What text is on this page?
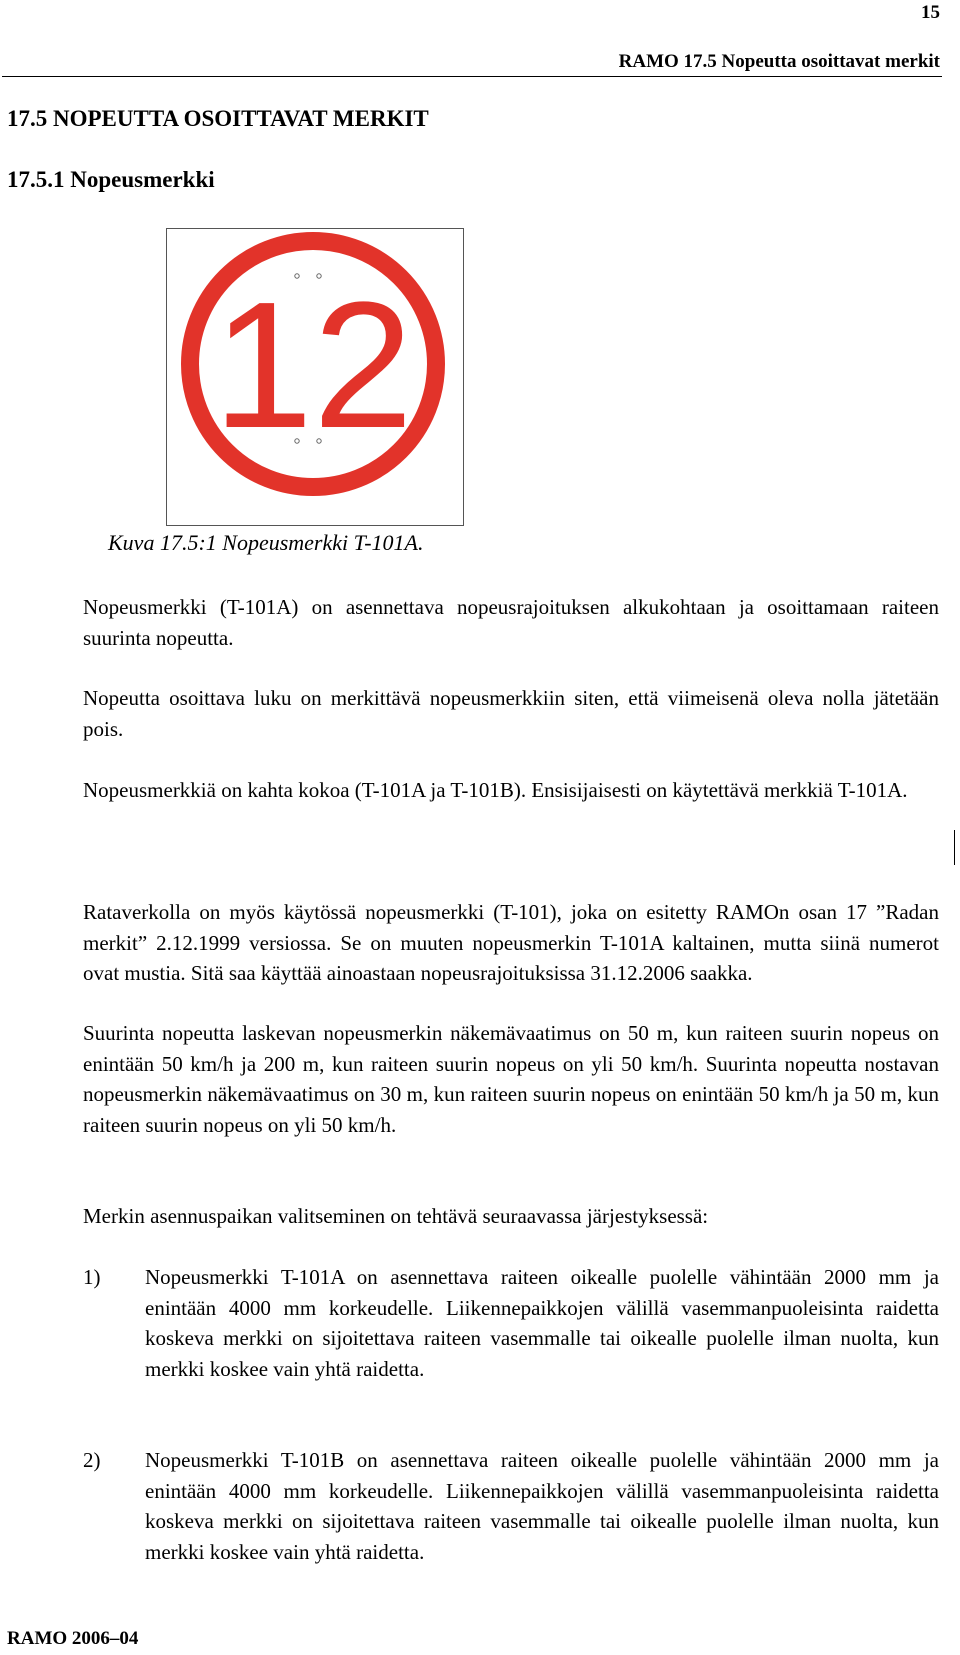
15
RAMO 17.5 Nopeutta osoittavat merkit
17.5 NOPEUTTA OSOITTAVAT MERKIT
17.5.1 Nopeusmerkki
12
Kuva 17.5:1 Nopeusmerkki T-101A.
Nopeusmerkki (T-101A) on asennettava nopeusrajoituksen alkukohtaan ja osoittamaan raiteen suurinta nopeutta.
Nopeutta osoittava luku on merkittävä nopeusmerkkiin siten, että viimeisenä oleva nolla jätetään pois.
Nopeusmerkkiä on kahta kokoa (T-101A ja T-101B). Ensisijaisesti on käytettävä merkkiä T-101A.
Rataverkolla on myös käytössä nopeusmerkki (T-101), joka on esitetty RAMOn osan 17 ”Radan merkit” 2.12.1999 versiossa. Se on muuten nopeusmerkin T-101A kaltainen, mutta siinä numerot ovat mustia. Sitä saa käyttää ainoastaan nopeusrajoituksissa 31.12.2006 saakka.
Suurinta nopeutta laskevan nopeusmerkin näkemävaatimus on 50 m, kun raiteen suurin nopeus on enintään 50 km/h ja 200 m, kun raiteen suurin nopeus on yli 50 km/h. Suurinta nopeutta nostavan nopeusmerkin näkemävaatimus on 30 m, kun raiteen suurin nopeus on enintään 50 km/h ja 50 m, kun raiteen suurin nopeus on yli 50 km/h.
Merkin asennuspaikan valitseminen on tehtävä seuraavassa järjestyksessä:
1) Nopeusmerkki T-101A on asennettava raiteen oikealle puolelle vähintään 2000 mm ja enintään 4000 mm korkeudelle. Liikennepaikkojen välillä vasemmanpuoleisinta raidetta koskeva merkki on sijoitettava raiteen vasemmalle tai oikealle puolelle ilman nuolta, kun merkki koskee vain yhtä raidetta.
2) Nopeusmerkki T-101B on asennettava raiteen oikealle puolelle vähintään 2000 mm ja enintään 4000 mm korkeudelle. Liikennepaikkojen välillä vasemmanpuoleisinta raidetta koskeva merkki on sijoitettava raiteen vasemmalle tai oikealle puolelle ilman nuolta, kun merkki koskee vain yhtä raidetta.
RAMO 2006–04
